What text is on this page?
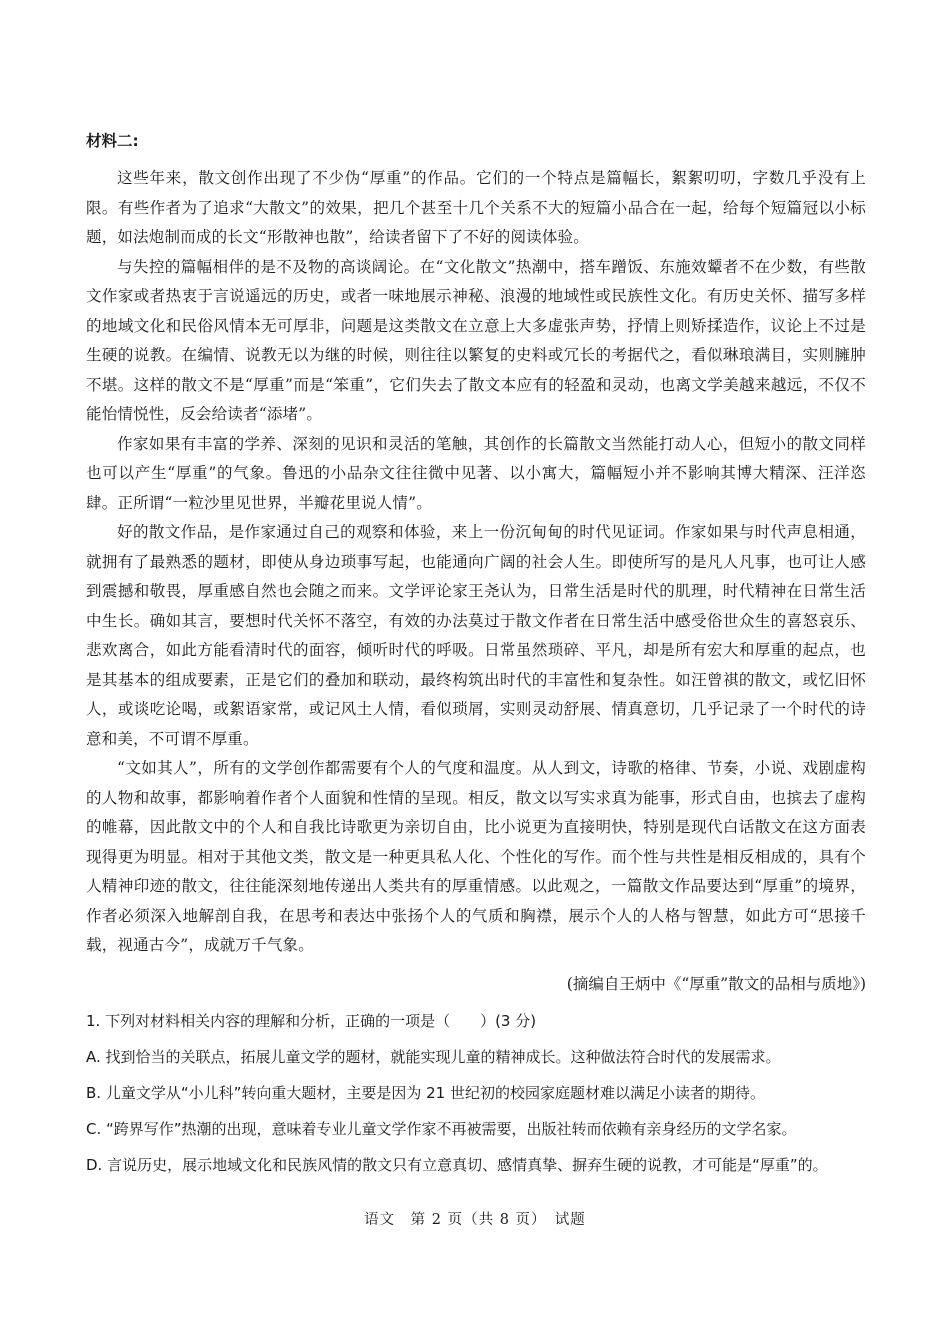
材料二:

这些年来，散文创作出现了不少伪“厚重”的作品。它们的一个特点是篇幅长，絮絮叨叨，字数几乎没有上限。有些作者为了追求“大散文”的效果，把几个甚至十几个关系不大的短篇小品合在一起，给每个短篇冠以小标题，如法炮制而成的长文“形散神也散”，给读者留下了不好的阅读体验。

与失控的篇幅相伴的是不及物的高谈阔论。在“文化散文”热潮中，搭车蹭饭、东施效颦者不在少数，有些散文作家或者热衷于言说遥远的历史，或者一味地展示神秘、浪漫的地域性或民族性文化。有历史关怀、描写多样的地域文化和民俗风情本无可厚非，问题是这类散文在立意上大多虚张声势，抒情上则矫揉造作，议论上不过是生硬的说教。在编情、说教无以为继的时候，则往往以繁复的史料或冗长的考据代之，看似琳琅满目，实则臃肿不堪。这样的散文不是“厚重”而是“笨重”，它们失去了散文本应有的轻盈和灵动，也离文学美越来越远，不仅不能怡情悦性，反会给读者“添堵”。

作家如果有丰富的学养、深刻的见识和灵活的笔触，其创作的长篇散文当然能打动人心，但短小的散文同样也可以产生“厚重”的气象。鲁迅的小品杂文往往微中见著、以小寓大，篇幅短小并不影响其博大精深、汪洋恣肆。正所谓“一粒沙里见世界，半瓣花里说人情”。

好的散文作品，是作家通过自己的观察和体验，来上一份沉甸甸的时代见证词。作家如果与时代声息相通，就拥有了最熟悉的题材，即使从身边琐事写起，也能通向广阔的社会人生。即使所写的是凡人凡事，也可让人感到震撼和敬畏，厚重感自然也会随之而来。文学评论家王尧认为，日常生活是时代的肌理，时代精神在日常生活中生长。确如其言，要想时代关怀不落空，有效的办法莫过于散文作者在日常生活中感受俗世众生的喜怒哀乐、悲欢离合，如此方能看清时代的面容，倾听时代的呼吸。日常虽然琐碎、平凡，却是所有宏大和厚重的起点，也是其基本的组成要素，正是它们的叠加和联动，最终构筑出时代的丰富性和复杂性。如汪曾祺的散文，或忆旧怀人，或谈吃论喝，或絮语家常，或记风土人情，看似琐屑，实则灵动舒展、情真意切，几乎记录了一个时代的诗意和美，不可谓不厚重。

“文如其人”，所有的文学创作都需要有个人的气度和温度。从人到文，诗歌的格律、节奏，小说、戏剧虚构的人物和故事，都影响着作者个人面貌和性情的呈现。相反，散文以写实求真为能事，形式自由，也摈去了虚构的帷幕，因此散文中的个人和自我比诗歌更为亲切自由，比小说更为直接明快，特别是现代白话散文在这方面表现得更为明显。相对于其他文类，散文是一种更具私人化、个性化的写作。而个性与共性是相反相成的，具有个人精神印迹的散文，往往能深刻地传递出人类共有的厚重情感。以此观之，一篇散文作品要达到“厚重”的境界，作者必须深入地解剖自我，在思考和表达中张扬个人的气质和胸襟，展示个人的人格与智慧，如此方可“思接千载，视通古今”，成就万千气象。

(摘编自王炳中《“厚重”散文的品相与质地》)

1. 下列对材料相关内容的理解和分析，正确的一项是（　　）(3 分)

A. 找到恰当的关联点，拓展儿童文学的题材，就能实现儿童的精神成长。这种做法符合时代的发展需求。

B. 儿童文学从“小儿科”转向重大题材，主要是因为 21 世纪初的校园家庭题材难以满足小读者的期待。

C. “跨界写作”热潮的出现，意味着专业儿童文学作家不再被需要，出版社转而依赖有亲身经历的文学名家。

D. 言说历史，展示地域文化和民族风情的散文只有立意真切、感情真挚、摒弃生硬的说教，才可能是“厚重”的。

语文　第 2 页（共 8 页）　试题
